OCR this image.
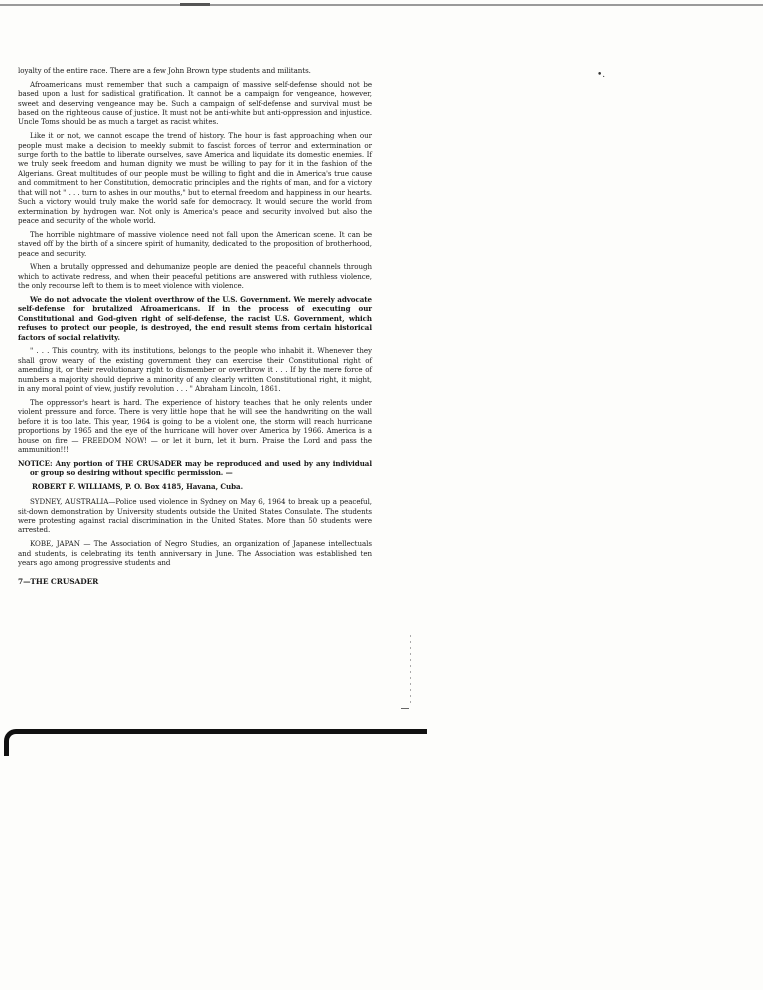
•.

loyalty of the entire race. There are a few John Brown type students and militants.

Afroamericans must remember that such a campaign of massive self-defense should not be based upon a lust for sadistical gratification. It cannot be a campaign for vengeance, however, sweet and deserving vengeance may be. Such a campaign of self-defense and survival must be based on the righteous cause of justice. It must not be anti-white but anti-oppression and injustice. Uncle Toms should be as much a target as racist whites.

Like it or not, we cannot escape the trend of history. The hour is fast approaching when our people must make a decision to meekly submit to fascist forces of terror and extermination or surge forth to the battle to liberate ourselves, save America and liquidate its domestic enemies. If we truly seek freedom and human dignity we must be willing to pay for it in the fashion of the Algerians. Great multitudes of our people must be willing to fight and die in America's true cause and commitment to her Constitution, democratic principles and the rights of man, and for a victory that will not " . . . turn to ashes in our mouths," but to eternal freedom and happiness in our hearts. Such a victory would truly make the world safe for democracy. It would secure the world from extermination by hydrogen war. Not only is America's peace and security involved but also the peace and security of the whole world.

The horrible nightmare of massive violence need not fall upon the American scene. It can be staved off by the birth of a sincere spirit of humanity, dedicated to the proposition of brotherhood, peace and security.

When a brutally oppressed and dehumanize people are denied the peaceful channels through which to activate redress, and when their peaceful petitions are answered with ruthless violence, the only recourse left to them is to meet violence with violence.

We do not advocate the violent overthrow of the U.S. Government. We merely advocate self-defense for brutalized Afroamericans. If in the process of executing our Constitutional and God-given right of self-defense, the racist U.S. Government, which refuses to protect our people, is destroyed, the end result stems from certain historical factors of social relativity.

" . . . This country, with its institutions, belongs to the people who inhabit it. Whenever they shall grow weary of the existing government they can exercise their Constitutional right of amending it, or their revolutionary right to dismember or overthrow it . . . If by the mere force of numbers a majority should deprive a minority of any clearly written Constitutional right, it might, in any moral point of view, justify revolution . . . " Abraham Lincoln, 1861.

The oppressor's heart is hard. The experience of history teaches that he only relents under violent pressure and force. There is very little hope that he will see the handwriting on the wall before it is too late. This year, 1964 is going to be a violent one, the storm will reach hurricane proportions by 1965 and the eye of the hurricane will hover over America by 1966. America is a house on fire — FREEDOM NOW! — or let it burn, let it burn. Praise the Lord and pass the ammunition!!!

NOTICE: Any portion of THE CRUSADER may be reproduced and used by any individual or group so desiring without specific permission. —

ROBERT F. WILLIAMS, P. O. Box 4185, Havana, Cuba.

SYDNEY, AUSTRALIA—Police used violence in Sydney on May 6, 1964 to break up a peaceful, sit-down demonstration by University students outside the United States Consulate. The students were protesting against racial discrimination in the United States. More than 50 students were arrested.

KOBE, JAPAN — The Association of Negro Studies, an organization of Japanese intellectuals and students, is celebrating its tenth anniversary in June. The Association was established ten years ago among progressive students and

7—THE CRUSADER
